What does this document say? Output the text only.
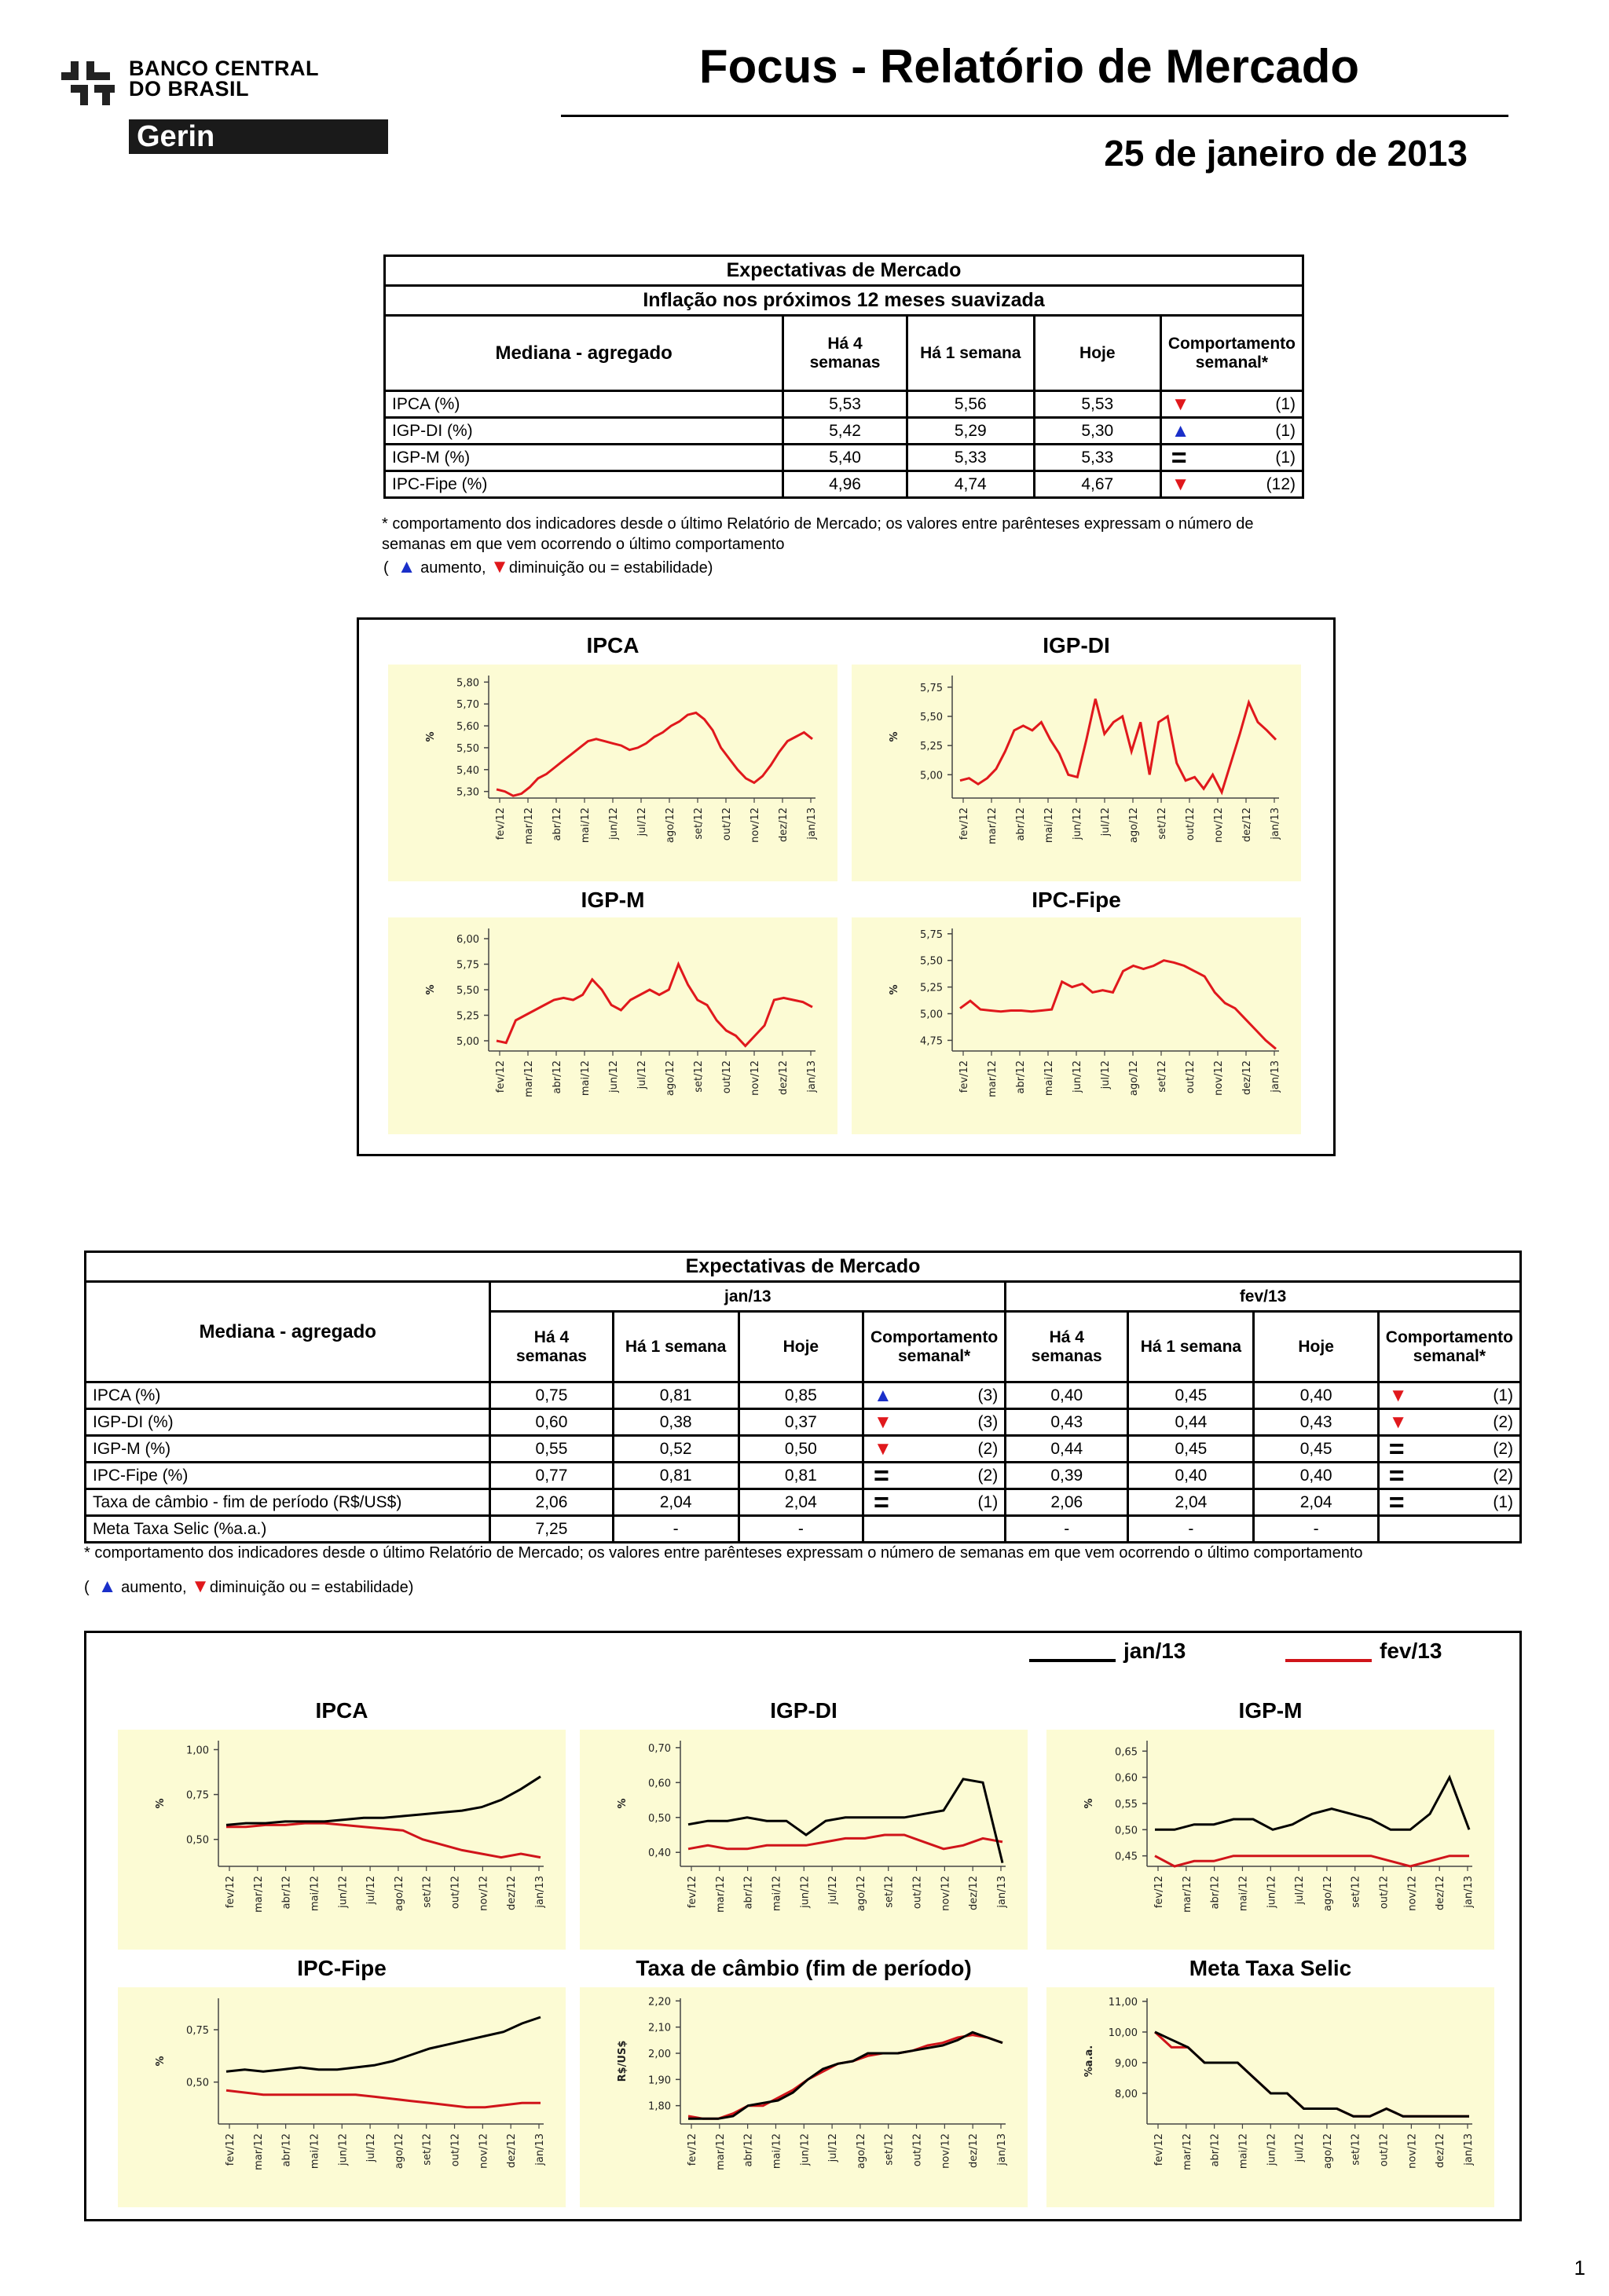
BANCO CENTRAL
DO BRASIL
Gerin
Focus - Relatório de Mercado
25 de janeiro de 2013
Expectativas de Mercado				
Inflação nos próximos 12 meses suavizada				
Mediana - agregado	Há 4 semanas	Há 1 semana	Hoje	Comportamento semanal*
IPCA (%)	5,53	5,56	5,53	▼ (1)
IGP-DI (%)	5,42	5,29	5,30	▲ (1)
IGP-M (%)	5,40	5,33	5,33	= (1)
IPC-Fipe (%)	4,96	4,74	4,67	▼ (12)
* comportamento dos indicadores desde o último Relatório de Mercado; os valores entre parênteses expressam o número de semanas em que vem ocorrendo o último comportamento
( ▲ aumento, ▼diminuição ou = estabilidade)
IPCA
5,80
5,70
5,60
5,50
5,40
5,30
%
fev/12 mar/12 abr/12 mai/12 jun/12 jul/12 ago/12 set/12 out/12 nov/12 dez/12 jan/13
IGP-DI
5,75
5,50
5,25
5,00
%
fev/12 mar/12 abr/12 mai/12 jun/12 jul/12 ago/12 set/12 out/12 nov/12 dez/12 jan/13
IGP-M
6,00
5,75
5,50
5,25
5,00
%
fev/12 mar/12 abr/12 mai/12 jun/12 jul/12 ago/12 set/12 out/12 nov/12 dez/12 jan/13
IPC-Fipe
5,75
5,50
5,25
5,00
4,75
%
fev/12 mar/12 abr/12 mai/12 jun/12 jul/12 ago/12 set/12 out/12 nov/12 dez/12 jan/13
Expectativas de Mercado								
Mediana - agregado	jan/13				fev/13			
	Há 4 semanas	Há 1 semana	Hoje	Comportamento semanal*	Há 4 semanas	Há 1 semana	Hoje	Comportamento semanal*
IPCA (%)	0,75	0,81	0,85	▲ (3)	0,40	0,45	0,40	▼ (1)
IGP-DI (%)	0,60	0,38	0,37	▼ (3)	0,43	0,44	0,43	▼ (2)
IGP-M (%)	0,55	0,52	0,50	▼ (2)	0,44	0,45	0,45	= (2)
IPC-Fipe (%)	0,77	0,81	0,81	= (2)	0,39	0,40	0,40	= (2)
Taxa de câmbio - fim de período (R$/US$)	2,06	2,04	2,04	= (1)	2,06	2,04	2,04	= (1)
Meta Taxa Selic (%a.a.)	7,25	-	-		-	-	-	
* comportamento dos indicadores desde o último Relatório de Mercado; os valores entre parênteses expressam o número de semanas em que vem ocorrendo o último comportamento
( ▲ aumento, ▼diminuição ou = estabilidade)
jan/13	fev/13
IPCA
1,00
0,75
0,50
%
fev/12 mar/12 abr/12 mai/12 jun/12 jul/12 ago/12 set/12 out/12 nov/12 dez/12 jan/13
IGP-DI
0,70
0,60
0,50
0,40
%
fev/12 mar/12 abr/12 mai/12 jun/12 jul/12 ago/12 set/12 out/12 nov/12 dez/12 jan/13
IGP-M
0,65
0,60
0,55
0,50
0,45
%
fev/12 mar/12 abr/12 mai/12 jun/12 jul/12 ago/12 set/12 out/12 nov/12 dez/12 jan/13
IPC-Fipe
0,75
0,50
%
fev/12 mar/12 abr/12 mai/12 jun/12 jul/12 ago/12 set/12 out/12 nov/12 dez/12 jan/13
Taxa de câmbio (fim de período)
2,20
2,10
2,00
1,90
1,80
R$/US$
fev/12 mar/12 abr/12 mai/12 jun/12 jul/12 ago/12 set/12 out/12 nov/12 dez/12 jan/13
Meta Taxa Selic
11,00
10,00
9,00
8,00
%a.a.
fev/12 mar/12 abr/12 mai/12 jun/12 jul/12 ago/12 set/12 out/12 nov/12 dez/12 jan/13
1
